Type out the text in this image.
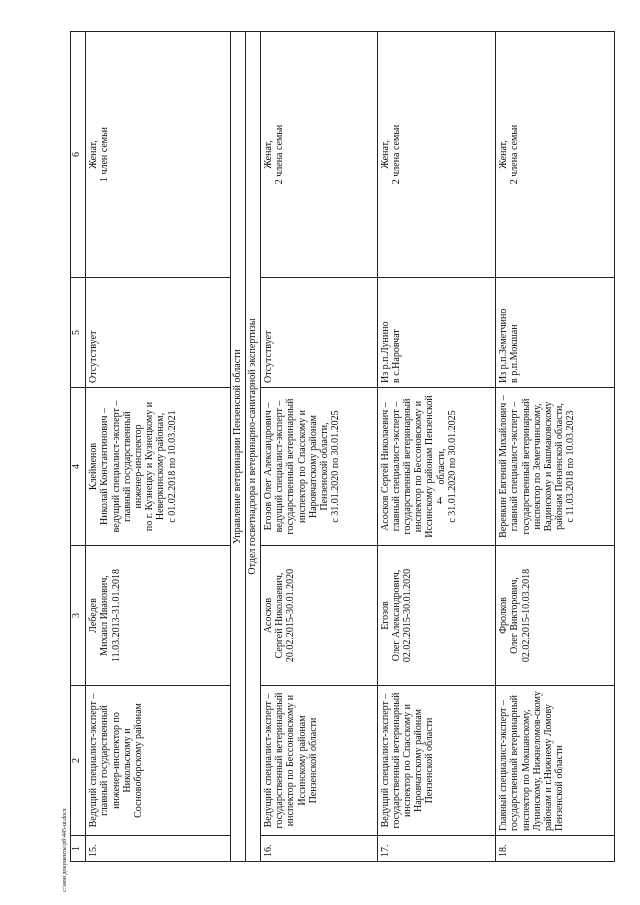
4
1	2	3	4	5	6
15.	Ведущий специалист-эксперт – главный государственный инженер-инспектор по Никольскому и Сосновоборскому районам	Лебедев
Михаил Иванович,
11.03.2013-31.01.2018	Клейменов
Николай Константинович –
ведущий специалист-эксперт – главный государственный инженер-инспектор
по г. Кузнецку и Кузнецкому и Неверкинскому районам,
с 01.02.2018 по 10.03.2021	Отсутствует	Женат,
1 член семьи
Управление ветеринарии Пензенской области					
Отдел госветнадзора и ветеринарно-санитарной экспертизы					
16.	Ведущий специалист-эксперт – государственный ветеринарный инспектор по Бессоновскому и Иссинскому районам Пензенской области	Асосков
Сергей Николаевич,
20.02.2015-30.01.2020	Егозов Олег Александрович – ведущий специалист-эксперт – государственный ветеринарный инспектор по Спасскому и Наровчатскому районам Пензенской области,
с 31.01.2020 по 30.01.2025	Отсутствует	Женат,
2 члена семьи
17.	Ведущий специалист-эксперт – государственный ветеринарный инспектор по Спасскому и Наровчатскому районам Пензенской области	Егозов
Олег Александрович,
02.02.2015-30.01.2020	Асосков Сергей Николаевич – главный специалист-эксперт – государственный ветеринарный инспектор по Бессоновскому и Иссинскому районам Пензенской области,
с 31.01.2020 по 30.01.2025	Из р.п.Лунино
в с.Наровчат	Женат,
2 члена семьи
18.	Главный специалист-эксперт – государственный ветеринарный инспектор по Мокшанскому, Лунинскому, Нижнеломов-скому районам и г.Нижнему Ломову Пензенской области	Фролков
Олег Викторович,
02.02.2015-10.03.2018	Веревкин Евгений Михайлович – главный специалист-эксперт – государственный ветеринарный инспектор по Земетчинскому, Вадинскому и Башмаковскому районам Пензенской области,
с 11.03.2018 по 10.03.2023	Из р.п.Земетчино
в р.п.Мокшан	Женат,
2 члена семьи
с:\мои документы\рб\445-ш.docx
